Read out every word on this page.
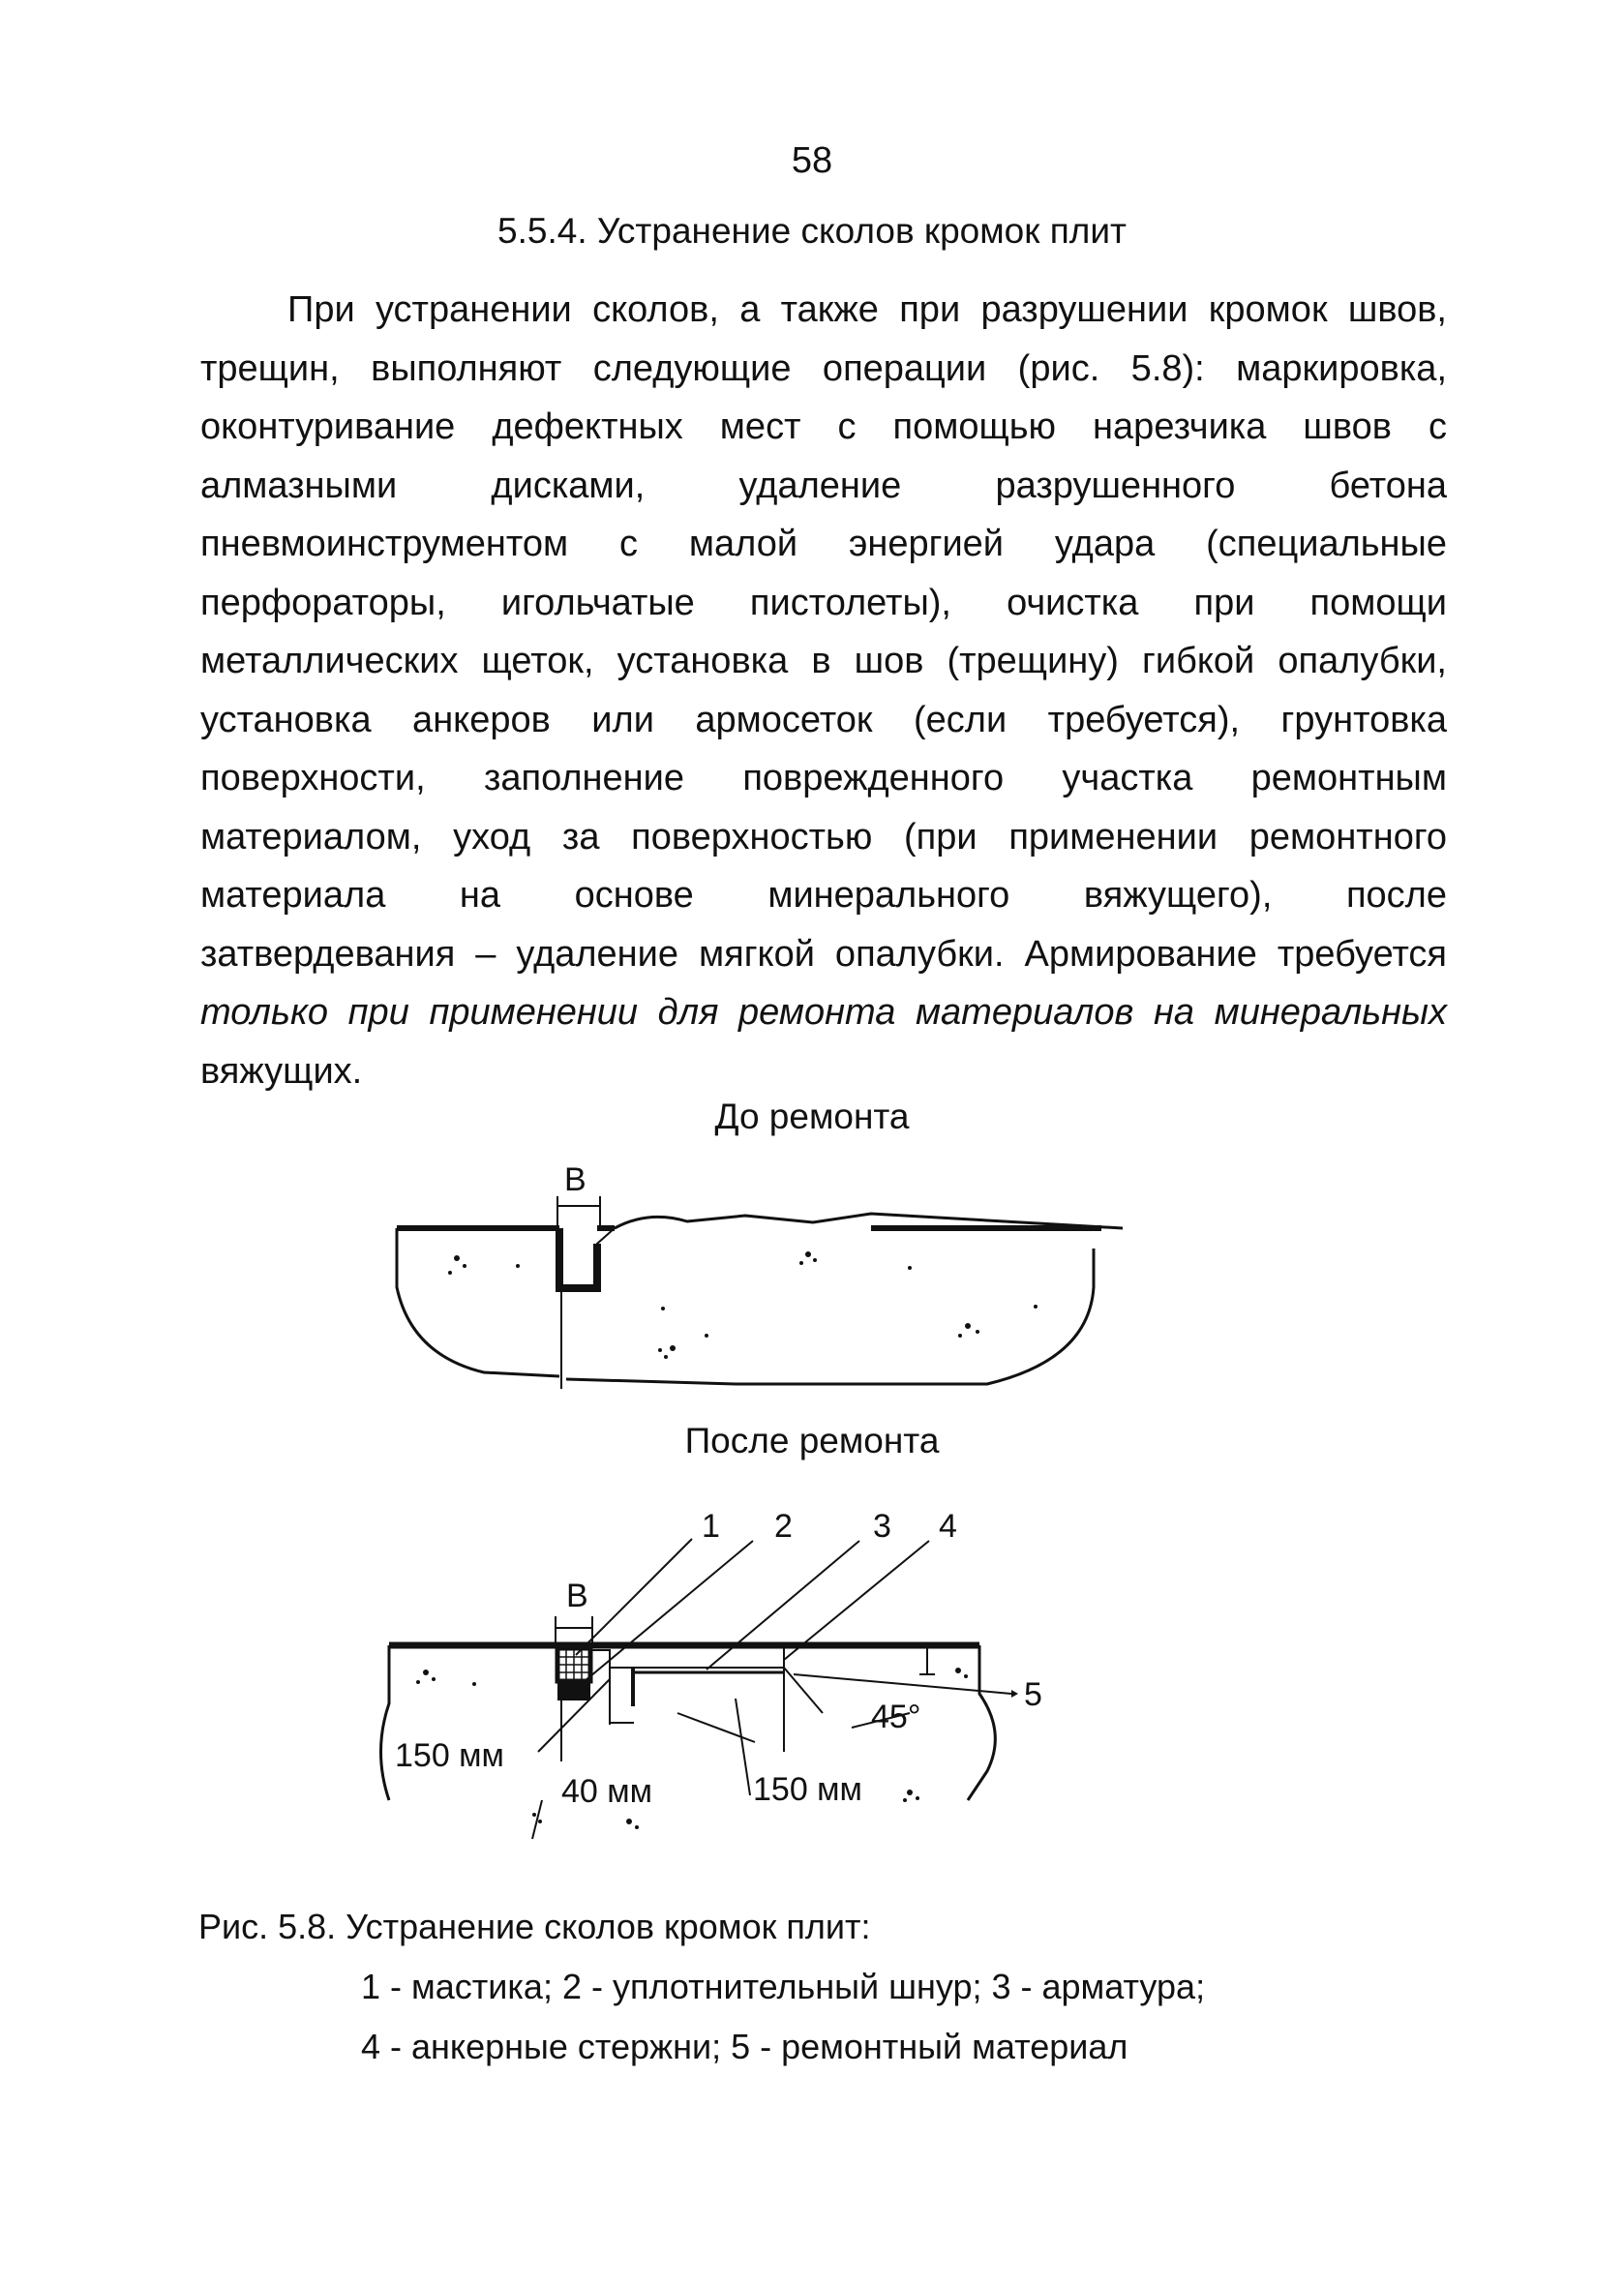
58
5.5.4. Устранение сколов кромок плит
При устранении сколов, а также при разрушении кромок швов,
трещин, выполняют следующие операции (рис. 5.8): маркировка,
оконтуривание дефектных мест с помощью нарезчика швов с
алмазными дисками, удаление разрушенного бетона
пневмоинструментом с малой энергией удара (специальные
перфораторы, игольчатые пистолеты), очистка при помощи
металлических щеток, установка в шов (трещину) гибкой опалубки,
установка анкеров или армосеток (если требуется), грунтовка
поверхности, заполнение поврежденного участка ремонтным
материалом, уход за поверхностью (при применении ремонтного
материала на основе минерального вяжущего), после
затвердевания – удаление мягкой опалубки. Армирование требуется
только при применении для ремонта материалов на минеральных
вяжущих.
До ремонта
В
После ремонта
В
1 2 3 4
5
150 мм
40 мм	150 мм
45°
Рис. 5.8. Устранение сколов кромок плит:
1 - мастика; 2 - уплотнительный шнур; 3 - арматура;
4 - анкерные стержни; 5 - ремонтный материал
